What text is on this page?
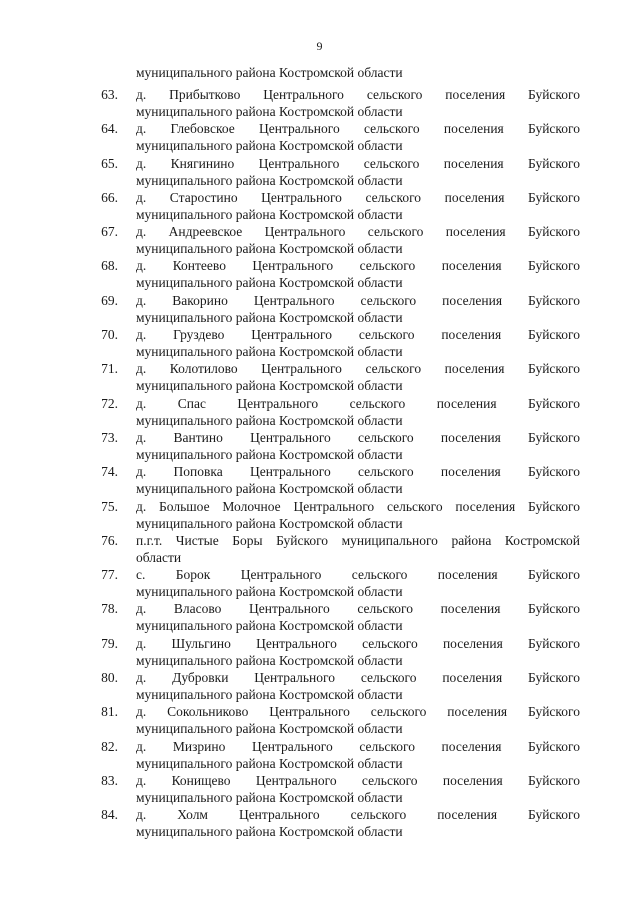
9
муниципального района Костромской области
63. д. Прибытково Центрального сельского поселения Буйского
муниципального района Костромской области
64. д. Глебовское Центрального сельского поселения Буйского
муниципального района Костромской области
65. д. Княгинино Центрального сельского поселения Буйского
муниципального района Костромской области
66. д. Старостино Центрального сельского поселения Буйского
муниципального района Костромской области
67. д. Андреевское Центрального сельского поселения Буйского
муниципального района Костромской области
68. д. Контеево Центрального сельского поселения Буйского
муниципального района Костромской области
69. д. Вакорино Центрального сельского поселения Буйского
муниципального района Костромской области
70. д. Груздево Центрального сельского поселения Буйского
муниципального района Костромской области
71. д. Колотилово Центрального сельского поселения Буйского
муниципального района Костромской области
72. д. Спас Центрального сельского поселения Буйского
муниципального района Костромской области
73. д. Вантино Центрального сельского поселения Буйского
муниципального района Костромской области
74. д. Поповка Центрального сельского поселения Буйского
муниципального района Костромской области
75. д. Большое Молочное Центрального сельского поселения Буйского
муниципального района Костромской области
76. п.г.т. Чистые Боры Буйского муниципального района Костромской
области
77. с. Борок Центрального сельского поселения Буйского
муниципального района Костромской области
78. д. Власово Центрального сельского поселения Буйского
муниципального района Костромской области
79. д. Шульгино Центрального сельского поселения Буйского
муниципального района Костромской области
80. д. Дубровки Центрального сельского поселения Буйского
муниципального района Костромской области
81. д. Сокольниково Центрального сельского поселения Буйского
муниципального района Костромской области
82. д. Мизрино Центрального сельского поселения Буйского
муниципального района Костромской области
83. д. Конищево Центрального сельского поселения Буйского
муниципального района Костромской области
84. д. Холм Центрального сельского поселения Буйского
муниципального района Костромской области
